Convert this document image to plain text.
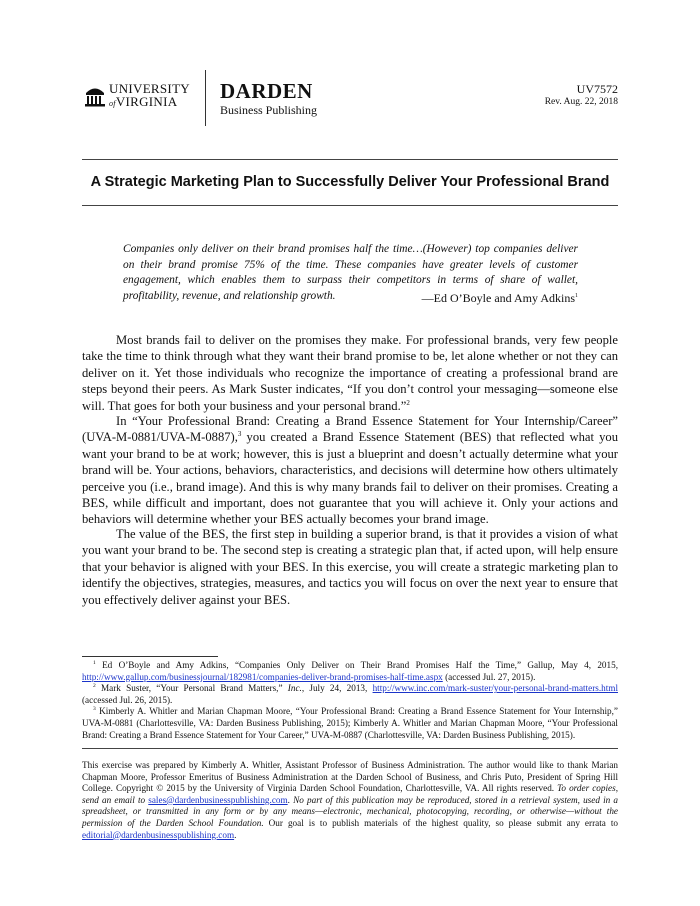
UNIVERSITY
ofVIRGINIA	DARDEN
Business Publishing
UV7572
Rev. Aug. 22, 2018
A Strategic Marketing Plan to Successfully Deliver Your Professional Brand
Companies only deliver on their brand promises half the time…(However) top companies deliver on their brand promise 75% of the time. These companies have greater levels of customer engagement, which enables them to surpass their competitors in terms of share of wallet, profitability, revenue, and relationship growth.	—Ed O’Boyle and Amy Adkins$^1$

Most brands fail to deliver on the promises they make. For professional brands, very few people take the time to think through what they want their brand promise to be, let alone whether or not they can deliver on it. Yet those individuals who recognize the importance of creating a professional brand are steps beyond their peers. As Mark Suster indicates, “If you don’t control your messaging—someone else will. That goes for both your business and your personal brand.”$^2$

In “Your Professional Brand: Creating a Brand Essence Statement for Your Internship/Career” (UVA-M-0881/UVA-M-0887),$^3$ you created a Brand Essence Statement (BES) that reflected what you want your brand to be at work; however, this is just a blueprint and doesn’t actually determine what your brand will be. Your actions, behaviors, characteristics, and decisions will determine how others ultimately perceive you (i.e., brand image). And this is why many brands fail to deliver on their promises. Creating a BES, while difficult and important, does not guarantee that you will achieve it. Only your actions and behaviors will determine whether your BES actually becomes your brand image.

The value of the BES, the first step in building a superior brand, is that it provides a vision of what you want your brand to be. The second step is creating a strategic plan that, if acted upon, will help ensure that your behavior is aligned with your BES. In this exercise, you will create a strategic marketing plan to identify the objectives, strategies, measures, and tactics you will focus on over the next year to ensure that you effectively deliver against your BES.

$^1$ Ed O’Boyle and Amy Adkins, “Companies Only Deliver on Their Brand Promises Half the Time,” Gallup, May 4, 2015, http://www.gallup.com/businessjournal/182981/companies-deliver-brand-promises-half-time.aspx (accessed Jul. 27, 2015).

$^2$ Mark Suster, “Your Personal Brand Matters,” Inc., July 24, 2013, http://www.inc.com/mark-suster/your-personal-brand-matters.html (accessed Jul. 26, 2015).

$^3$ Kimberly A. Whitler and Marian Chapman Moore, “Your Professional Brand: Creating a Brand Essence Statement for Your Internship,” UVA-M-0881 (Charlottesville, VA: Darden Business Publishing, 2015); Kimberly A. Whitler and Marian Chapman Moore, “Your Professional Brand: Creating a Brand Essence Statement for Your Career,” UVA-M-0887 (Charlottesville, VA: Darden Business Publishing, 2015).

This exercise was prepared by Kimberly A. Whitler, Assistant Professor of Business Administration. The author would like to thank Marian Chapman Moore, Professor Emeritus of Business Administration at the Darden School of Business, and Chris Puto, President of Spring Hill College. Copyright © 2015 by the University of Virginia Darden School Foundation, Charlottesville, VA. All rights reserved. To order copies, send an email to sales@dardenbusinesspublishing.com. No part of this publication may be reproduced, stored in a retrieval system, used in a spreadsheet, or transmitted in any form or by any means—electronic, mechanical, photocopying, recording, or otherwise—without the permission of the Darden School Foundation. Our goal is to publish materials of the highest quality, so please submit any errata to editorial@dardenbusinesspublishing.com.
